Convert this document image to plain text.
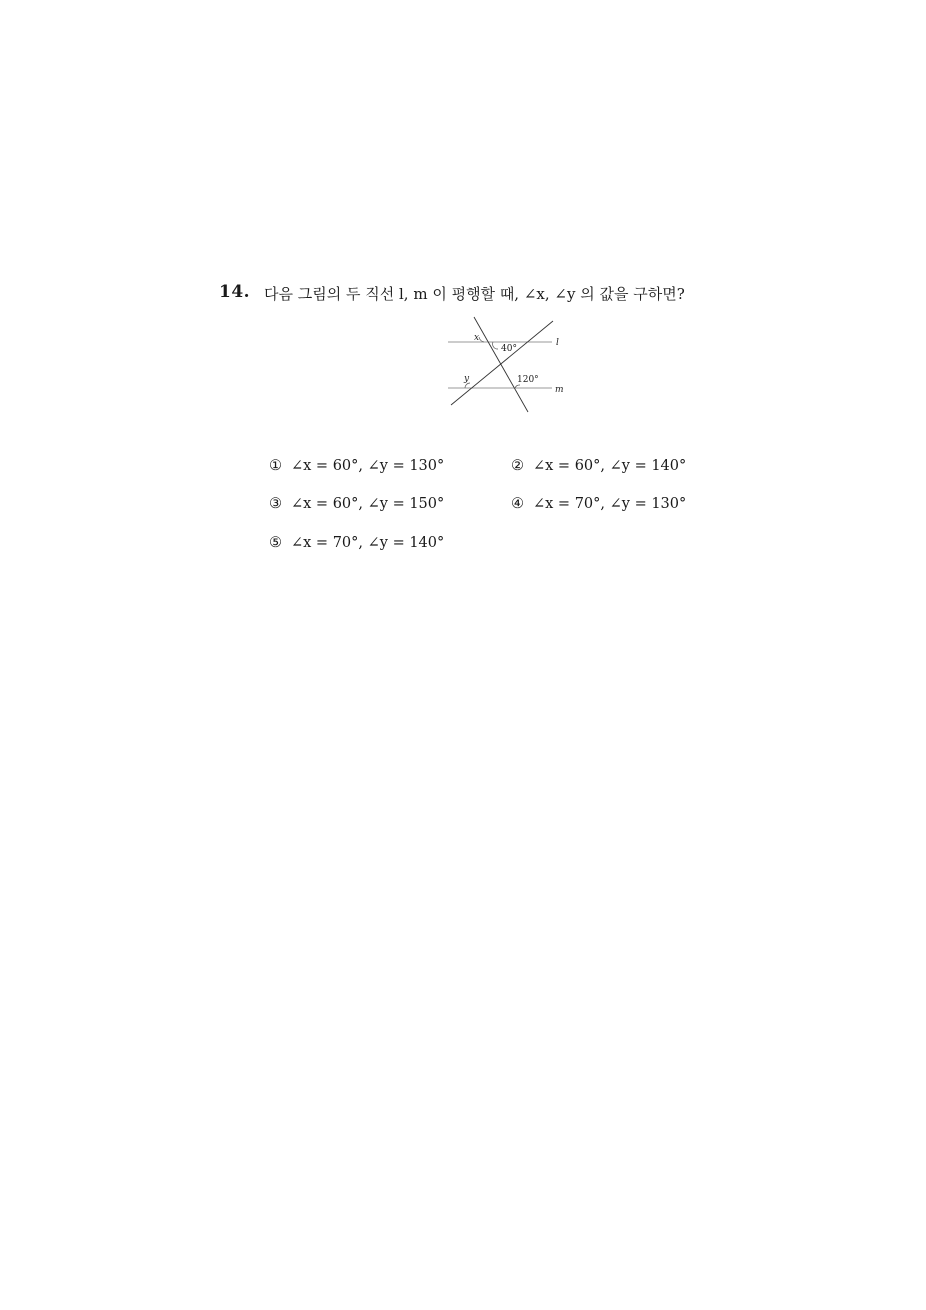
14. 다음 그림의 두 직선 l, m 이 평행할 때, ∠x, ∠y 의 값을 구하면?
x
40°
l
y	120°
m
① ∠x = 60°, ∠y = 130°	② ∠x = 60°, ∠y = 140°
③ ∠x = 60°, ∠y = 150°	④ ∠x = 70°, ∠y = 130°
⑤ ∠x = 70°, ∠y = 140°
